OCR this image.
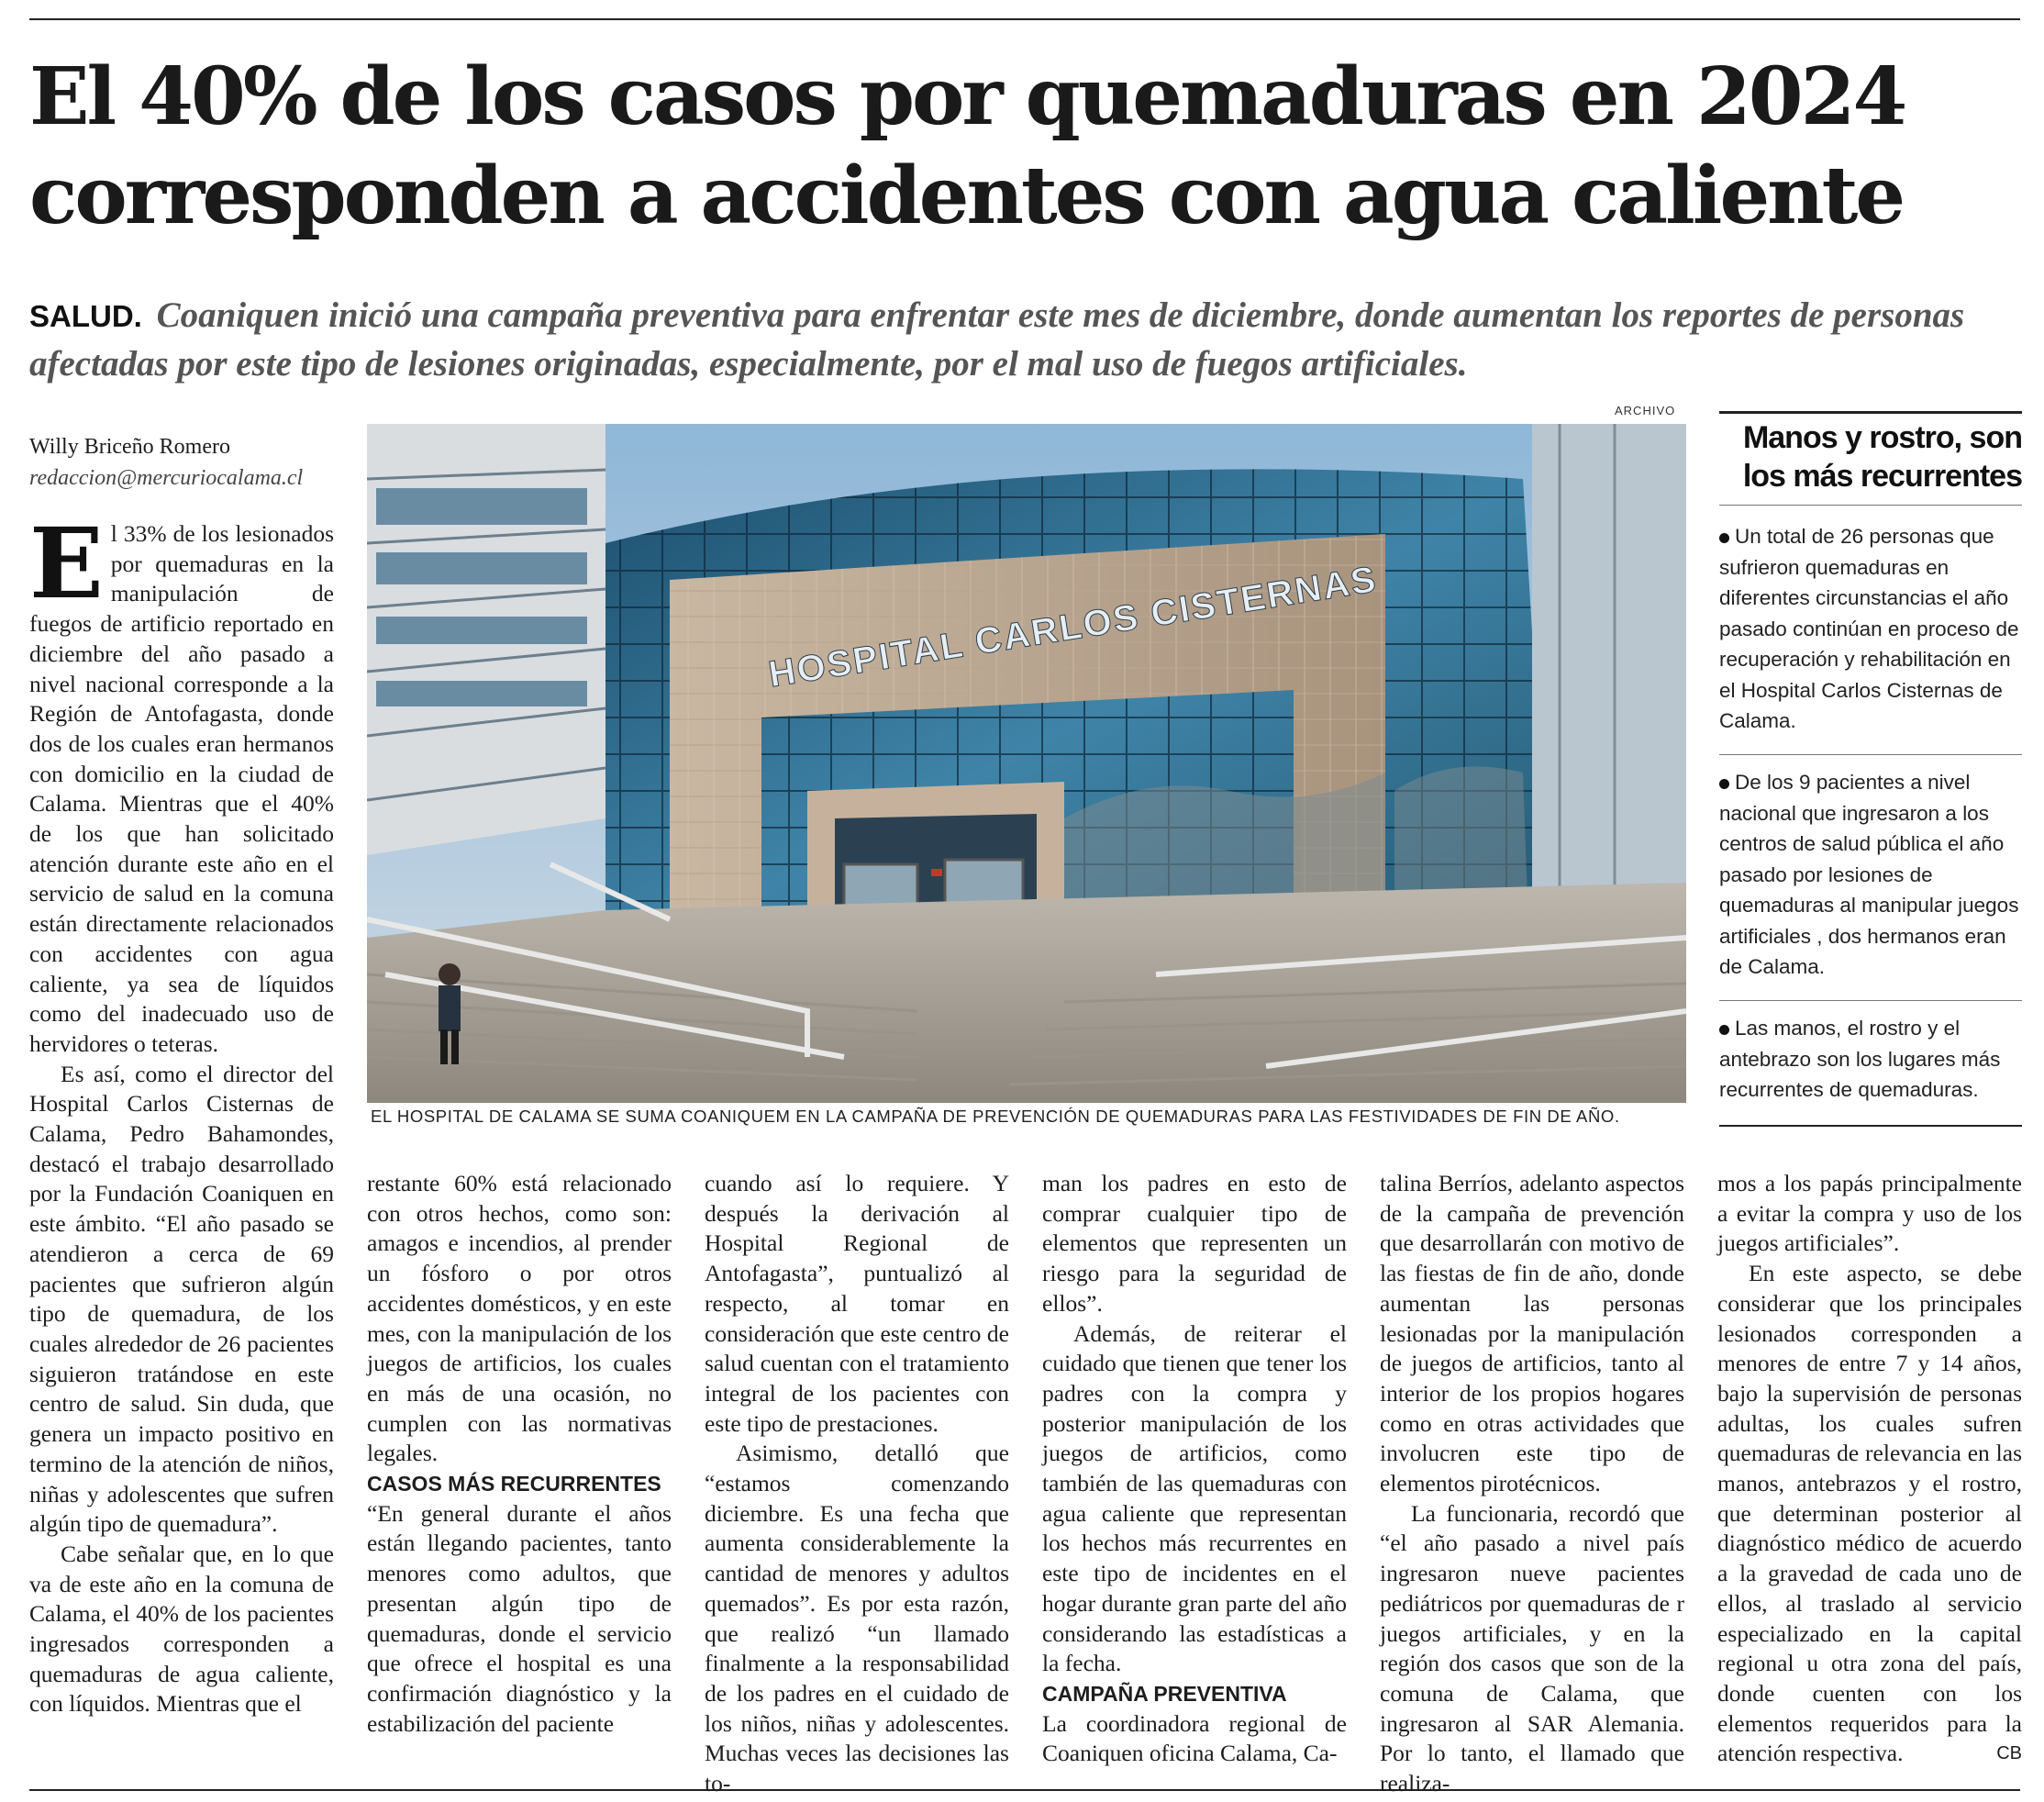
El 40% de los casos por quemaduras en 2024 corresponden a accidentes con agua caliente
SALUD. Coaniquen inició una campaña preventiva para enfrentar este mes de diciembre, donde aumentan los reportes de personas afectadas por este tipo de lesiones originadas, especialmente, por el mal uso de fuegos artificiales.
Willy Briceño Romero
redaccion@mercuriocalama.cl
ARCHIVO
HOSPITAL CARLOS CISTERNAS
EL HOSPITAL DE CALAMA SE SUMA COANIQUEM EN LA CAMPAÑA DE PREVENCIÓN DE QUEMADURAS PARA LAS FESTIVIDADES DE FIN DE AÑO.
Manos y rostro, son los más recurrentes
Un total de 26 personas que sufrieron quemaduras en diferentes circunstancias el año pasado continúan en proceso de recuperación y rehabilitación en el Hospital Carlos Cisternas de Calama.
De los 9 pacientes a nivel nacional que ingresaron a los centros de salud pública el año pasado por lesiones de quemaduras al manipular juegos artificiales , dos hermanos eran de Calama.
Las manos, el rostro y el antebrazo son los lugares más recurrentes de quemaduras.

El 33% de los lesionados por quemaduras en la manipulación de fuegos de artificio reportado en diciembre del año pasado a nivel nacional corresponde a la Región de Antofagasta, donde dos de los cuales eran hermanos con domicilio en la ciudad de Calama. Mientras que el 40% de los que han solicitado atención durante este año en el servicio de salud en la comuna están directamente relacionados con accidentes con agua caliente, ya sea de líquidos como del inadecuado uso de hervidores o teteras.

Es así, como el director del Hospital Carlos Cisternas de Calama, Pedro Bahamondes, destacó el trabajo desarrollado por la Fundación Coaniquen en este ámbito. “El año pasado se atendieron a cerca de 69 pacientes que sufrieron algún tipo de quemadura, de los cuales alrededor de 26 pacientes siguieron tratándose en este centro de salud. Sin duda, que genera un impacto positivo en termino de la atención de niños, niñas y adolescentes que sufren algún tipo de quemadura”.

Cabe señalar que, en lo que va de este año en la comuna de Calama, el 40% de los pacientes ingresados corresponden a quemaduras de agua caliente, con líquidos. Mientras que el

restante 60% está relacionado con otros hechos, como son: amagos e incendios, al prender un fósforo o por otros accidentes domésticos, y en este mes, con la manipulación de los juegos de artificios, los cuales en más de una ocasión, no cumplen con las normativas legales.

CASOS MÁS RECURRENTES

“En general durante el años están llegando pacientes, tanto menores como adultos, que presentan algún tipo de quemaduras, donde el servicio que ofrece el hospital es una confirmación diagnóstico y la estabilización del paciente

cuando así lo requiere. Y después la derivación al Hospital Regional de Antofagasta”, puntualizó al respecto, al tomar en consideración que este centro de salud cuentan con el tratamiento integral de los pacientes con este tipo de prestaciones.

Asimismo, detalló que “estamos comenzando diciembre. Es una fecha que aumenta considerablemente la cantidad de menores y adultos quemados”. Es por esta razón, que realizó “un llamado finalmente a la responsabilidad de los padres en el cuidado de los niños, niñas y adolescentes. Muchas veces las decisiones las to-

man los padres en esto de comprar cualquier tipo de elementos que representen un riesgo para la seguridad de ellos”.

Además, de reiterar el cuidado que tienen que tener los padres con la compra y posterior manipulación de los juegos de artificios, como también de las quemaduras con agua caliente que representan los hechos más recurrentes en este tipo de incidentes en el hogar durante gran parte del año considerando las estadísticas a la fecha.

CAMPAÑA PREVENTIVA

La coordinadora regional de Coaniquen oficina Calama, Ca-

talina Berríos, adelanto aspectos de la campaña de prevención que desarrollarán con motivo de las fiestas de fin de año, donde aumentan las personas lesionadas por la manipulación de juegos de artificios, tanto al interior de los propios hogares como en otras actividades que involucren este tipo de elementos pirotécnicos.

La funcionaria, recordó que “el año pasado a nivel país ingresaron nueve pacientes pediátricos por quemaduras de r juegos artificiales, y en la región dos casos que son de la comuna de Calama, que ingresaron al SAR Alemania. Por lo tanto, el llamado que realiza-

mos a los papás principalmente a evitar la compra y uso de los juegos artificiales”.

En este aspecto, se debe considerar que los principales lesionados corresponden a menores de entre 7 y 14 años, bajo la supervisión de personas adultas, los cuales sufren quemaduras de relevancia en las manos, antebrazos y el rostro, que determinan posterior al diagnóstico médico de acuerdo a la gravedad de cada uno de ellos, al traslado al servicio especializado en la capital regional u otra zona del país, donde cuenten con los elementos requeridos para la atención respectiva.	CB
